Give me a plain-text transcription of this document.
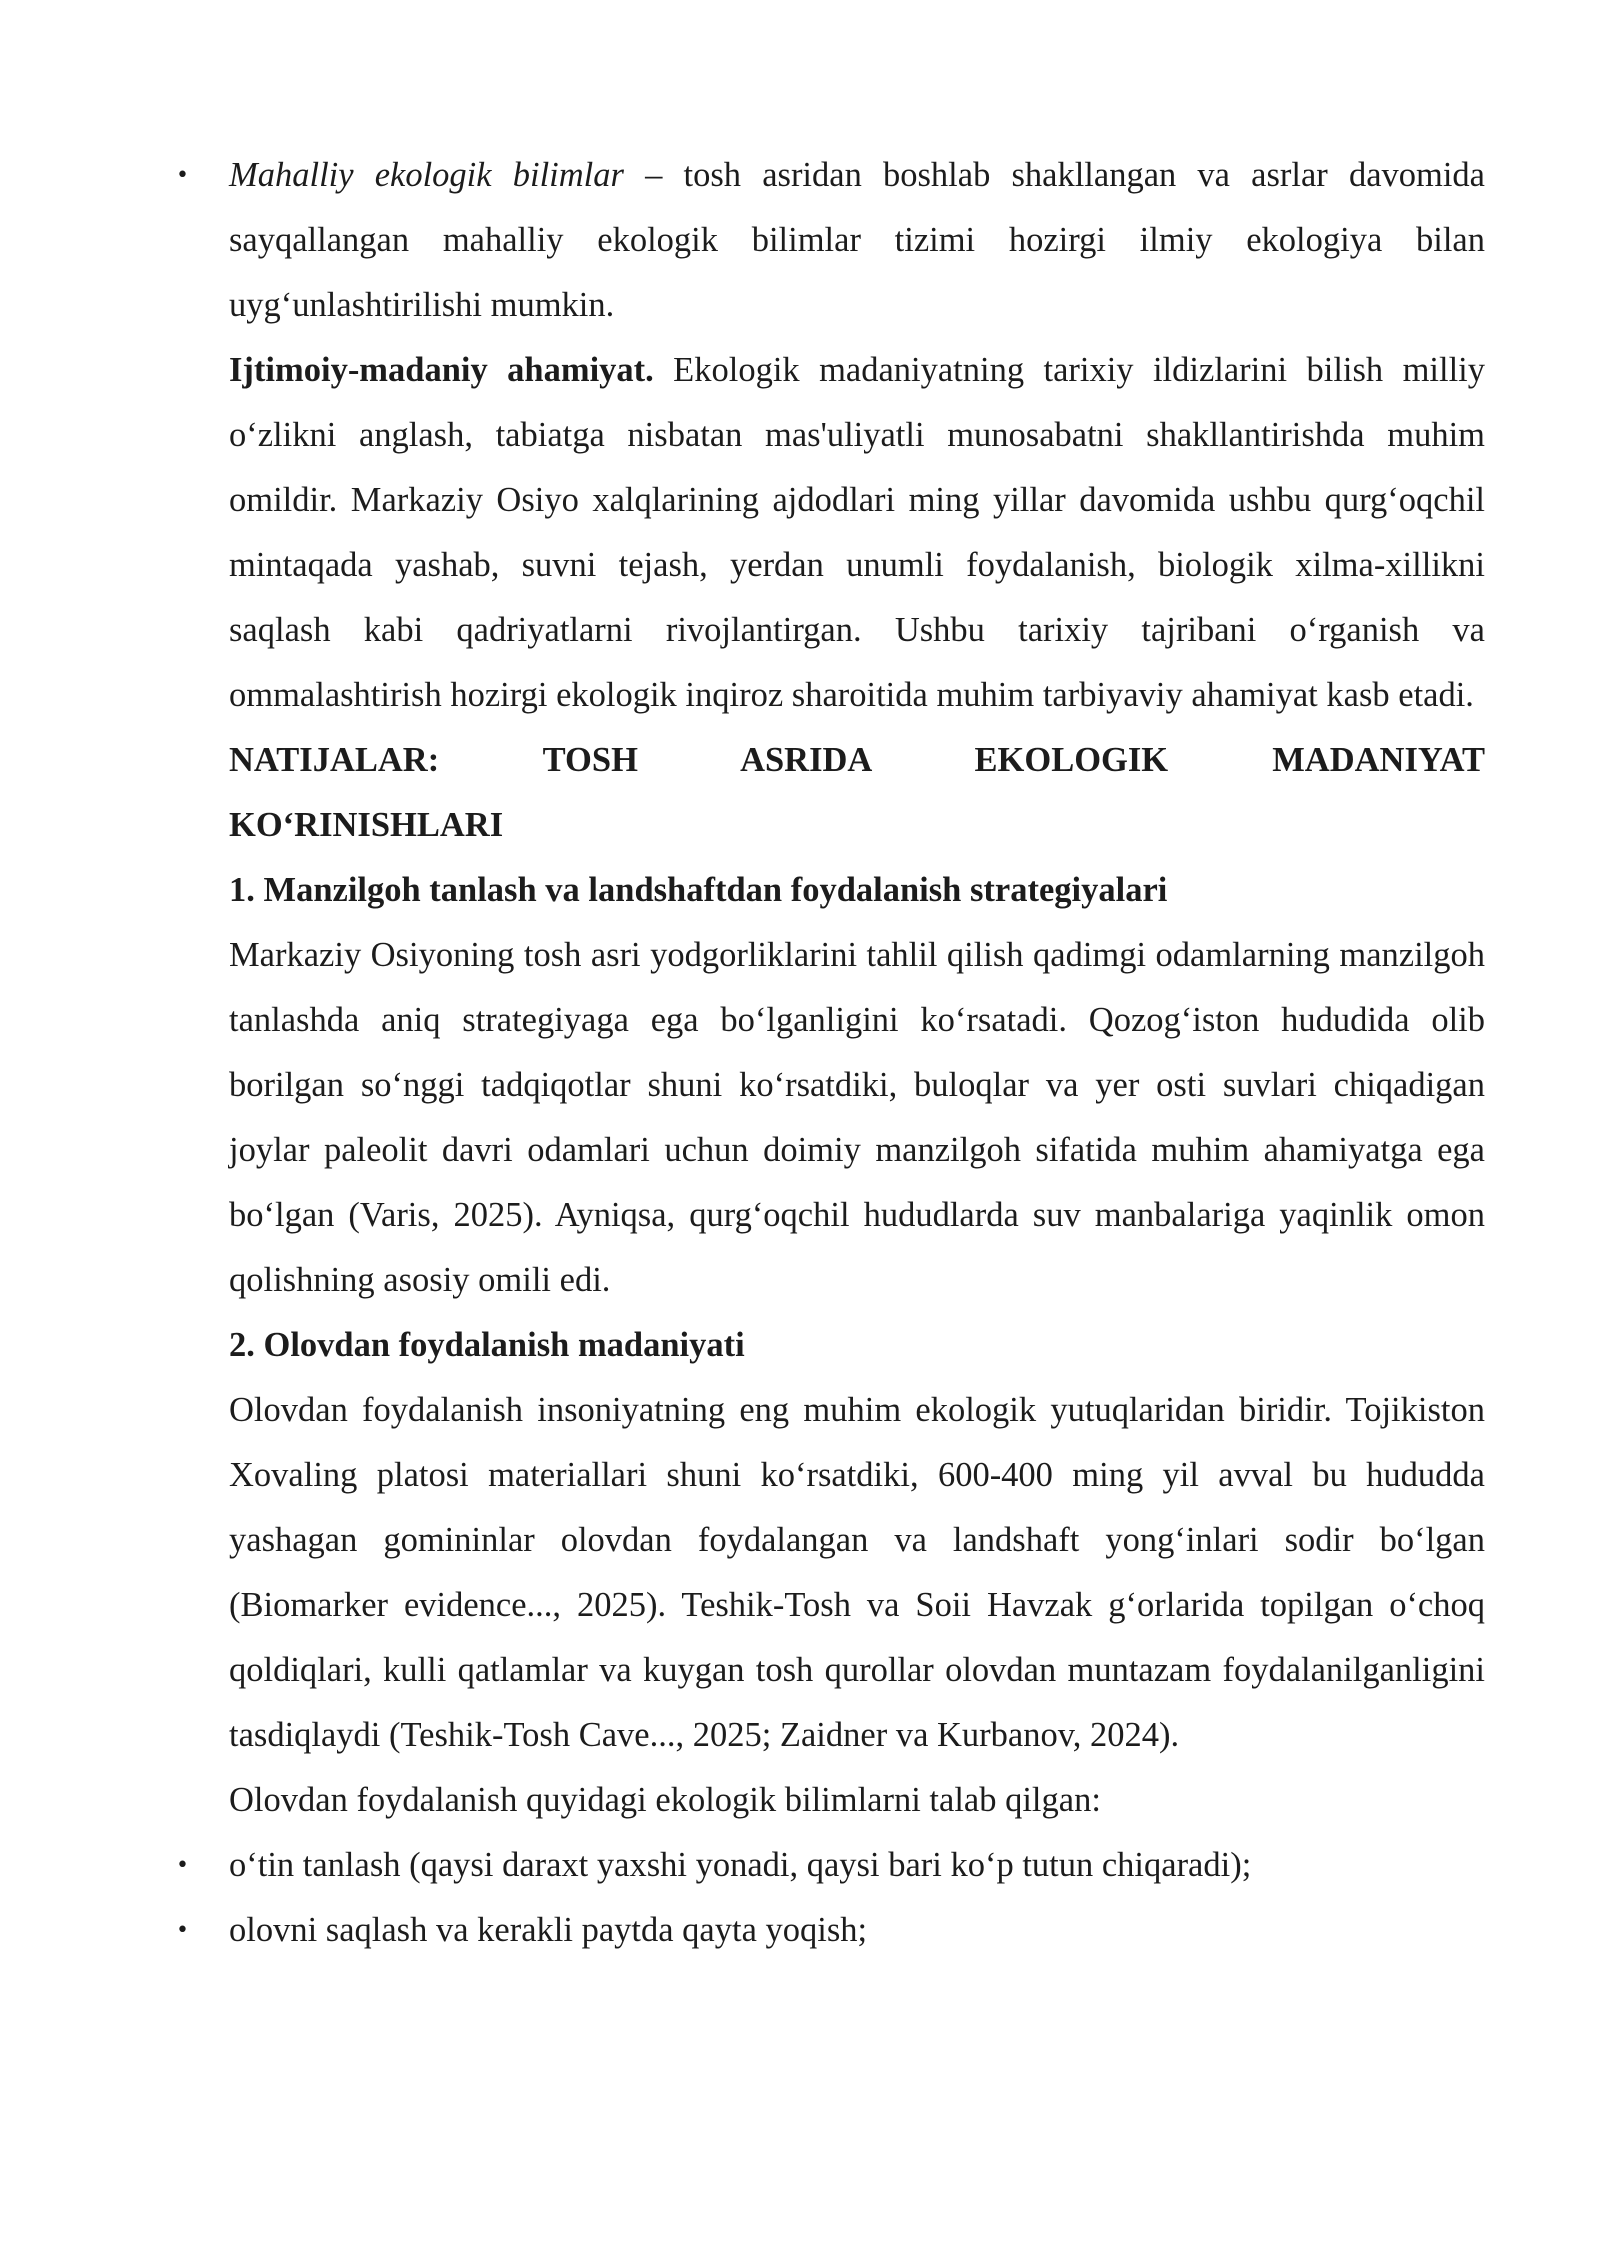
• Mahalliy ekologik bilimlar – tosh asridan boshlab shakllangan va asrlar davomida sayqallangan mahalliy ekologik bilimlar tizimi hozirgi ilmiy ekologiya bilan uygʻunlashtirilishi mumkin.

Ijtimoiy-madaniy ahamiyat. Ekologik madaniyatning tarixiy ildizlarini bilish milliy oʻzlikni anglash, tabiatga nisbatan mas'uliyatli munosabatni shakllantirishda muhim omildir. Markaziy Osiyo xalqlarining ajdodlari ming yillar davomida ushbu qurgʻoqchil mintaqada yashab, suvni tejash, yerdan unumli foydalanish, biologik xilma-xillikni saqlash kabi qadriyatlarni rivojlantirgan. Ushbu tarixiy tajribani oʻrganish va ommalashtirish hozirgi ekologik inqiroz sharoitida muhim tarbiyaviy ahamiyat kasb etadi.

NATIJALAR: TOSH ASRIDA EKOLOGIK MADANIYAT

KOʻRINISHLARI

1. Manzilgoh tanlash va landshaftdan foydalanish strategiyalari

Markaziy Osiyoning tosh asri yodgorliklarini tahlil qilish qadimgi odamlarning manzilgoh tanlashda aniq strategiyaga ega boʻlganligini koʻrsatadi. Qozogʻiston hududida olib borilgan soʻnggi tadqiqotlar shuni koʻrsatdiki, buloqlar va yer osti suvlari chiqadigan joylar paleolit davri odamlari uchun doimiy manzilgoh sifatida muhim ahamiyatga ega boʻlgan (Varis, 2025). Ayniqsa, qurgʻoqchil hududlarda suv manbalariga yaqinlik omon qolishning asosiy omili edi.

2. Olovdan foydalanish madaniyati

Olovdan foydalanish insoniyatning eng muhim ekologik yutuqlaridan biridir. Tojikiston Xovaling platosi materiallari shuni koʻrsatdiki, 600-400 ming yil avval bu hududda yashagan gomininlar olovdan foydalangan va landshaft yongʻinlari sodir boʻlgan (Biomarker evidence..., 2025). Teshik-Tosh va Soii Havzak gʻorlarida topilgan oʻchoq qoldiqlari, kulli qatlamlar va kuygan tosh qurollar olovdan muntazam foydalanilganligini tasdiqlaydi (Teshik-Tosh Cave..., 2025; Zaidner va Kurbanov, 2024).

Olovdan foydalanish quyidagi ekologik bilimlarni talab qilgan:

• oʻtin tanlash (qaysi daraxt yaxshi yonadi, qaysi bari koʻp tutun chiqaradi);

• olovni saqlash va kerakli paytda qayta yoqish;
